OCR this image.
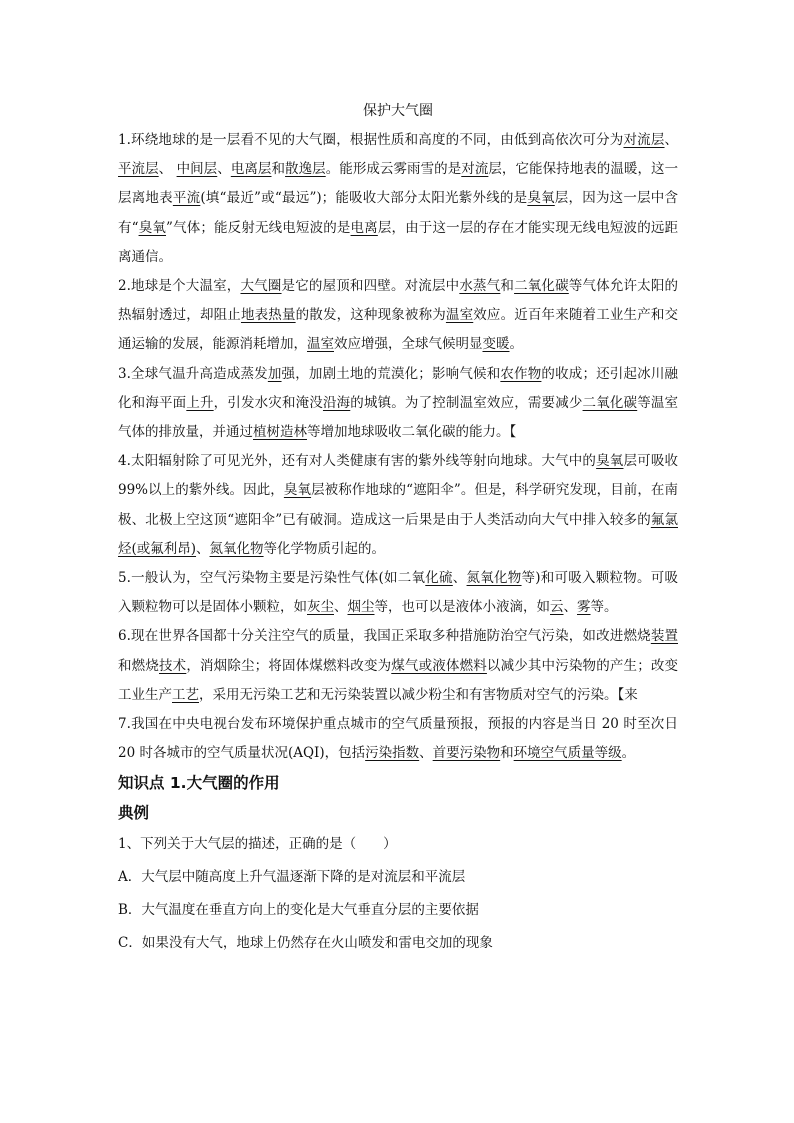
保护大气圈

1.环绕地球的是一层看不见的大气圈，根据性质和高度的不同，由低到高依次可分为对流层、平流层、 中间层、电离层和散逸层。能形成云雾雨雪的是对流层，它能保持地表的温暖，这一层离地表平流(填“最近”或“最远”)；能吸收大部分太阳光紫外线的是臭氧层，因为这一层中含有“臭氧”气体；能反射无线电短波的是电离层，由于这一层的存在才能实现无线电短波的远距离通信。

2.地球是个大温室，大气圈是它的屋顶和四壁。对流层中水蒸气和二氧化碳等气体允许太阳的热辐射透过，却阻止地表热量的散发，这种现象被称为温室效应。近百年来随着工业生产和交通运输的发展，能源消耗增加，温室效应增强，全球气候明显变暖。

3.全球气温升高造成蒸发加强，加剧土地的荒漠化；影响气候和农作物的收成；还引起冰川融化和海平面上升，引发水灾和淹没沿海的城镇。为了控制温室效应，需要减少二氧化碳等温室气体的排放量，并通过植树造林等增加地球吸收二氧化碳的能力。【

4.太阳辐射除了可见光外，还有对人类健康有害的紫外线等射向地球。大气中的臭氧层可吸收 99%以上的紫外线。因此，臭氧层被称作地球的“遮阳伞”。但是，科学研究发现，目前，在南极、北极上空这顶“遮阳伞”已有破洞。造成这一后果是由于人类活动向大气中排入较多的氟氯烃(或氟利昂)、氮氧化物等化学物质引起的。

5.一般认为，空气污染物主要是污染性气体(如二氧化硫、氮氧化物等)和可吸入颗粒物。可吸入颗粒物可以是固体小颗粒，如灰尘、烟尘等，也可以是液体小液滴，如云、雾等。

6.现在世界各国都十分关注空气的质量，我国正采取多种措施防治空气污染，如改进燃烧装置和燃烧技术，消烟除尘；将固体煤燃料改变为煤气或液体燃料以减少其中污染物的产生；改变工业生产工艺，采用无污染工艺和无污染装置以减少粉尘和有害物质对空气的污染。【来

7.我国在中央电视台发布环境保护重点城市的空气质量预报，预报的内容是当日 20 时至次日 20 时各城市的空气质量状况(AQI)，包括污染指数、首要污染物和环境空气质量等级。

知识点 1.大气圈的作用

典例

1、下列关于大气层的描述，正确的是（　　）

A．大气层中随高度上升气温逐渐下降的是对流层和平流层

B．大气温度在垂直方向上的变化是大气垂直分层的主要依据

C．如果没有大气，地球上仍然存在火山喷发和雷电交加的现象
